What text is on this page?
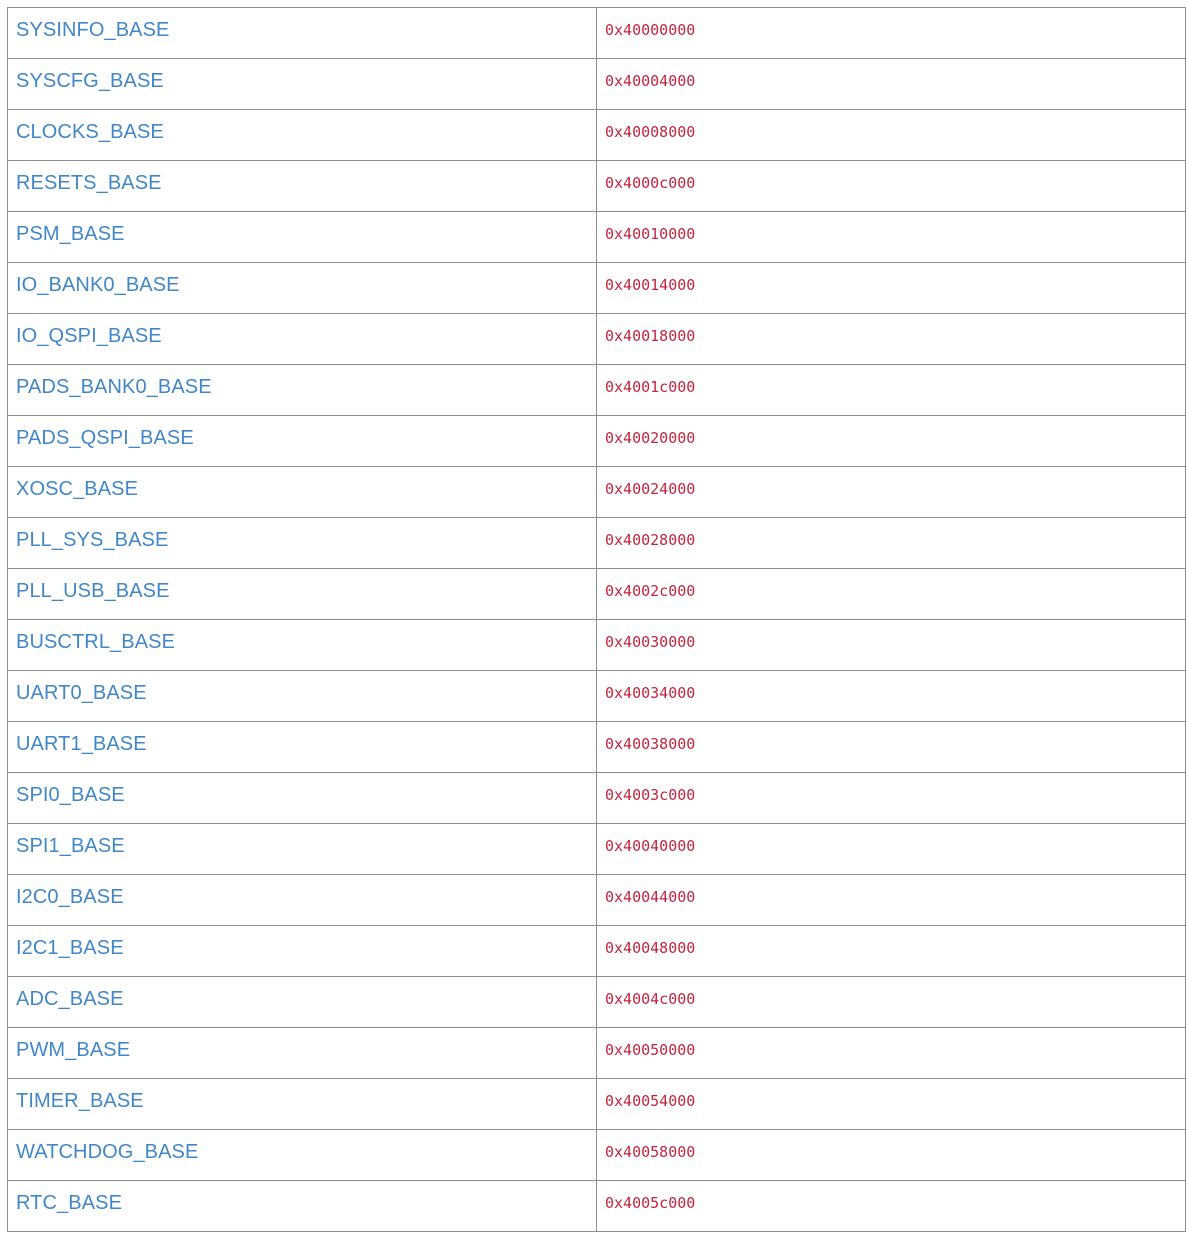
SYSINFO_BASE	0x40000000
SYSCFG_BASE	0x40004000
CLOCKS_BASE	0x40008000
RESETS_BASE	0x4000c000
PSM_BASE	0x40010000
IO_BANK0_BASE	0x40014000
IO_QSPI_BASE	0x40018000
PADS_BANK0_BASE	0x4001c000
PADS_QSPI_BASE	0x40020000
XOSC_BASE	0x40024000
PLL_SYS_BASE	0x40028000
PLL_USB_BASE	0x4002c000
BUSCTRL_BASE	0x40030000
UART0_BASE	0x40034000
UART1_BASE	0x40038000
SPI0_BASE	0x4003c000
SPI1_BASE	0x40040000
I2C0_BASE	0x40044000
I2C1_BASE	0x40048000
ADC_BASE	0x4004c000
PWM_BASE	0x40050000
TIMER_BASE	0x40054000
WATCHDOG_BASE	0x40058000
RTC_BASE	0x4005c000
